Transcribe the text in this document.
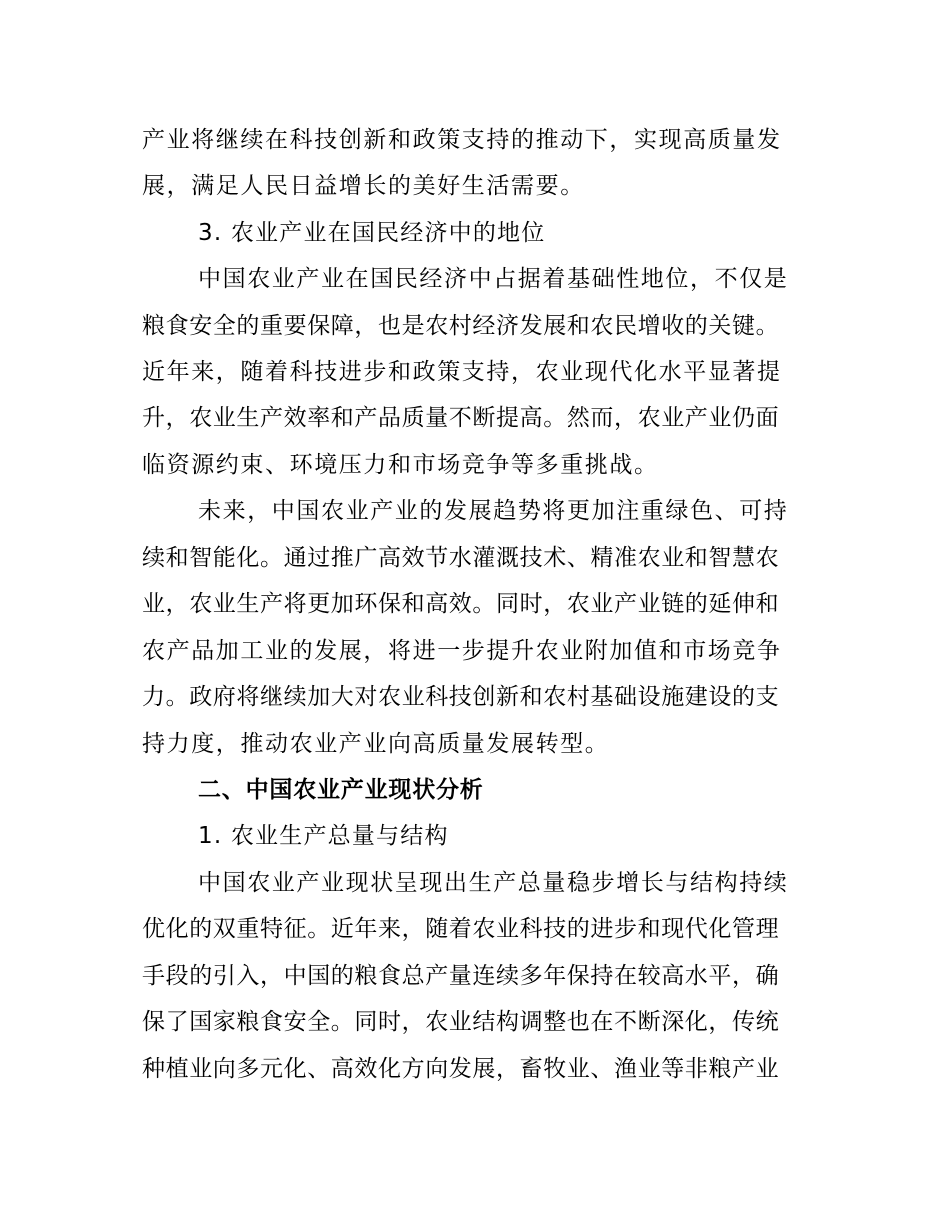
产业将继续在科技创新和政策支持的推动下，实现高质量发
展，满足人民日益增长的美好生活需要。
3. 农业产业在国民经济中的地位
中国农业产业在国民经济中占据着基础性地位，不仅是
粮食安全的重要保障，也是农村经济发展和农民增收的关键。
近年来，随着科技进步和政策支持，农业现代化水平显著提
升，农业生产效率和产品质量不断提高。然而，农业产业仍面
临资源约束、环境压力和市场竞争等多重挑战。
未来，中国农业产业的发展趋势将更加注重绿色、可持
续和智能化。通过推广高效节水灌溉技术、精准农业和智慧农
业，农业生产将更加环保和高效。同时，农业产业链的延伸和
农产品加工业的发展，将进一步提升农业附加值和市场竞争
力。政府将继续加大对农业科技创新和农村基础设施建设的支
持力度，推动农业产业向高质量发展转型。
二、中国农业产业现状分析
1. 农业生产总量与结构
中国农业产业现状呈现出生产总量稳步增长与结构持续
优化的双重特征。近年来，随着农业科技的进步和现代化管理
手段的引入，中国的粮食总产量连续多年保持在较高水平，确
保了国家粮食安全。同时，农业结构调整也在不断深化，传统
种植业向多元化、高效化方向发展，畜牧业、渔业等非粮产业
